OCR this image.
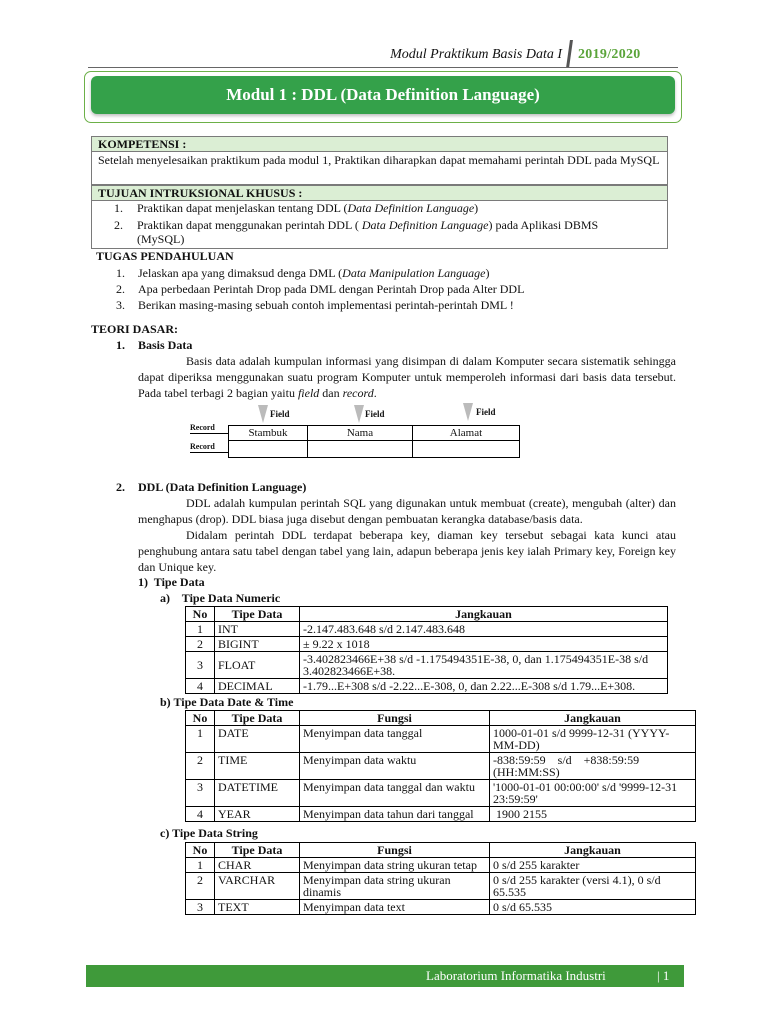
Modul Praktikum Basis Data I 2019/2020
Modul 1 : DDL (Data Definition Language)
KOMPETENSI :
Setelah menyelesaikan praktikum pada modul 1, Praktikan diharapkan dapat memahami perintah DDL pada MySQL
TUJUAN INTRUKSIONAL KHUSUS :
1. Praktikan dapat menjelaskan tentang DDL (Data Definition Language)
2. Praktikan dapat menggunakan perintah DDL ( Data Definition Language) pada Aplikasi DBMS (MySQL)
TUGAS PENDAHULUAN
1. Jelaskan apa yang dimaksud denga DML (Data Manipulation Language)
2. Apa perbedaan Perintah Drop pada DML dengan Perintah Drop pada Alter DDL
3. Berikan masing-masing sebuah contoh implementasi perintah-perintah DML !
TEORI DASAR:
1. Basis Data
Basis data adalah kumpulan informasi yang disimpan di dalam Komputer secara sistematik sehingga dapat diperiksa menggunakan suatu program Komputer untuk memperoleh informasi dari basis data tersebut. Pada tabel terbagi 2 bagian yaitu field dan record.
Field	Field	Field
Record
Record
Stambuk	Nama	Alamat

2. DDL (Data Definition Language)
DDL adalah kumpulan perintah SQL yang digunakan untuk membuat (create), mengubah (alter) dan menghapus (drop). DDL biasa juga disebut dengan pembuatan kerangka database/basis data.
Didalam perintah DDL terdapat beberapa key, diaman key tersebut sebagai kata kunci atau penghubung antara satu tabel dengan tabel yang lain, adapun beberapa jenis key ialah Primary key, Foreign key dan Unique key.
1)  Tipe Data
a)    Tipe Data Numeric
No	Tipe Data	Jangkauan
1	INT	-2.147.483.648 s/d 2.147.483.648
2	BIGINT	± 9.22 x 1018
3	FLOAT	-3.402823466E+38 s/d -1.175494351E-38, 0, dan 1.175494351E-38 s/d 3.402823466E+38.
4	DECIMAL	-1.79...E+308 s/d -2.22...E-308, 0, dan 2.22...E-308 s/d 1.79...E+308.
b) Tipe Data Date & Time
No	Tipe Data	Fungsi	Jangkauan
1	DATE	Menyimpan data tanggal	1000-01-01 s/d 9999-12-31 (YYYY-MM-DD)
2	TIME	Menyimpan data waktu	-838:59:59    s/d    +838:59:59 (HH:MM:SS)
3	DATETIME	Menyimpan data tanggal dan waktu	'1000-01-01 00:00:00' s/d '9999-12-31 23:59:59'
4	YEAR	Menyimpan data tahun dari tanggal	1900 2155
c) Tipe Data String
No	Tipe Data	Fungsi	Jangkauan
1	CHAR	Menyimpan data string ukuran tetap	0 s/d 255 karakter
2	VARCHAR	Menyimpan data string ukuran dinamis	0 s/d 255 karakter (versi 4.1), 0 s/d 65.535
3	TEXT	Menyimpan data text	0 s/d 65.535
Laboratorium Informatika Industri	| 1
